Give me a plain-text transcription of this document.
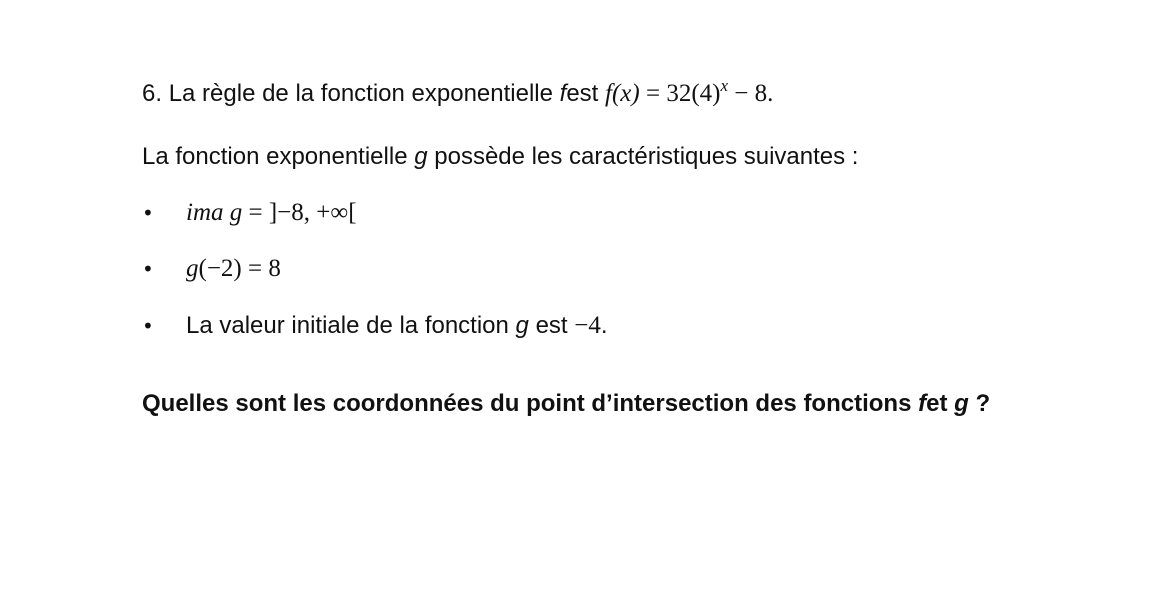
6. La règle de la fonction exponentielle fest $f(x) = 32(4)^x - 8$.
La fonction exponentielle g possède les caractéristiques suivantes :
• ima g = ]−8, +∞[
• g(−2) = 8
• La valeur initiale de la fonction g est −4.
Quelles sont les coordonnées du point d’intersection des fonctions fet g ?
